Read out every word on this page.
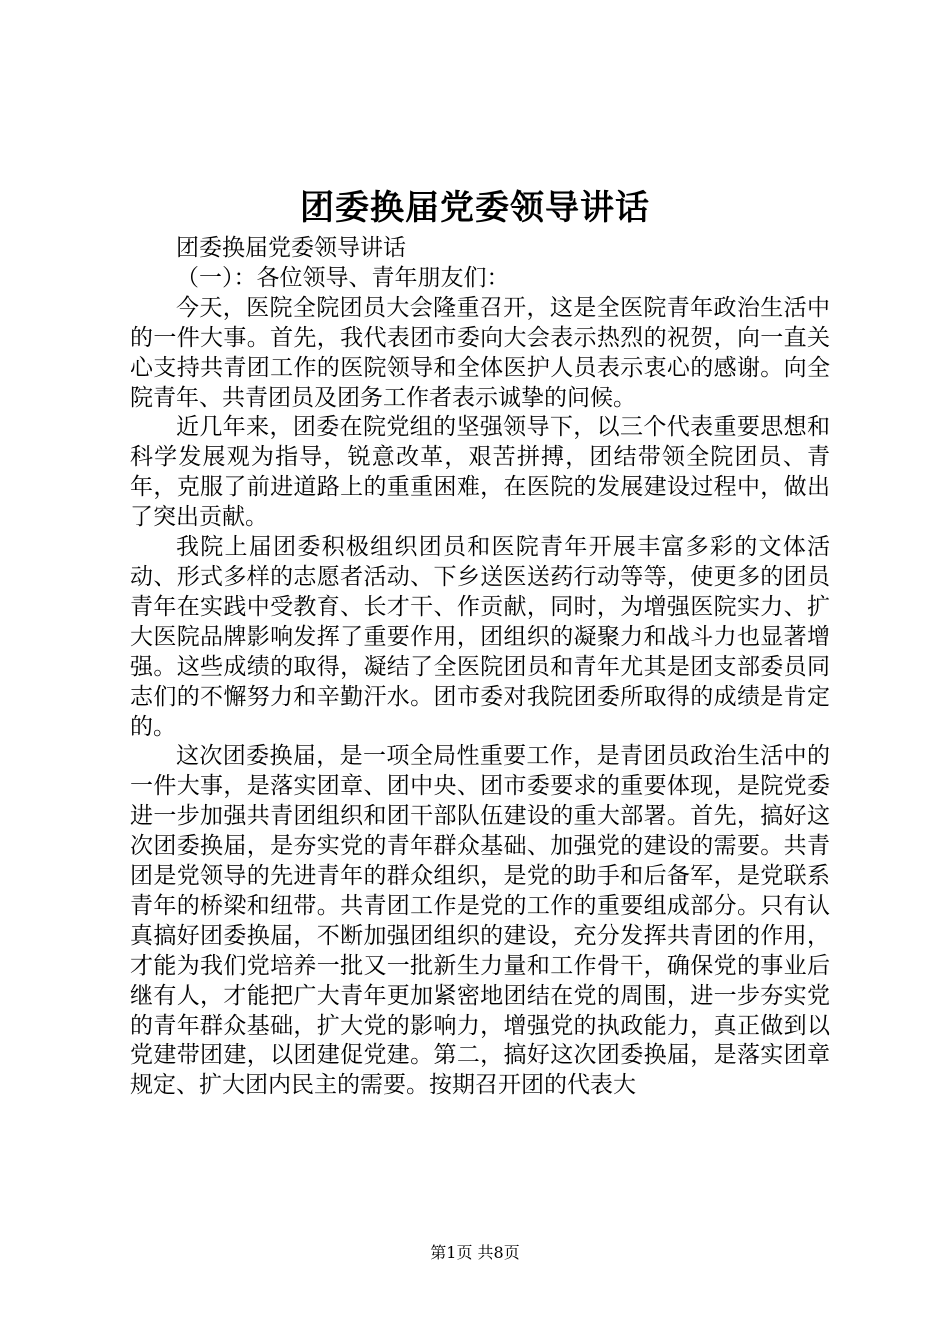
团委换届党委领导讲话

团委换届党委领导讲话

（一）：各位领导、青年朋友们：

今天，医院全院团员大会隆重召开，这是全医院青年政治生活中的一件大事。首先，我代表团市委向大会表示热烈的祝贺，向一直关心支持共青团工作的医院领导和全体医护人员表示衷心的感谢。向全院青年、共青团员及团务工作者表示诚挚的问候。

近几年来，团委在院党组的坚强领导下，以三个代表重要思想和科学发展观为指导，锐意改革，艰苦拼搏，团结带领全院团员、青年，克服了前进道路上的重重困难，在医院的发展建设过程中，做出了突出贡献。

我院上届团委积极组织团员和医院青年开展丰富多彩的文体活动、形式多样的志愿者活动、下乡送医送药行动等等，使更多的团员青年在实践中受教育、长才干、作贡献，同时，为增强医院实力、扩大医院品牌影响发挥了重要作用，团组织的凝聚力和战斗力也显著增强。这些成绩的取得，凝结了全医院团员和青年尤其是团支部委员同志们的不懈努力和辛勤汗水。团市委对我院团委所取得的成绩是肯定的。

这次团委换届，是一项全局性重要工作，是青团员政治生活中的一件大事，是落实团章、团中央、团市委要求的重要体现，是院党委进一步加强共青团组织和团干部队伍建设的重大部署。首先，搞好这次团委换届，是夯实党的青年群众基础、加强党的建设的需要。共青团是党领导的先进青年的群众组织，是党的助手和后备军，是党联系青年的桥梁和纽带。共青团工作是党的工作的重要组成部分。只有认真搞好团委换届，不断加强团组织的建设，充分发挥共青团的作用，才能为我们党培养一批又一批新生力量和工作骨干，确保党的事业后继有人，才能把广大青年更加紧密地团结在党的周围，进一步夯实党的青年群众基础，扩大党的影响力，增强党的执政能力，真正做到以党建带团建，以团建促党建。第二，搞好这次团委换届，是落实团章规定、扩大团内民主的需要。按期召开团的代表大

第1页 共8页
